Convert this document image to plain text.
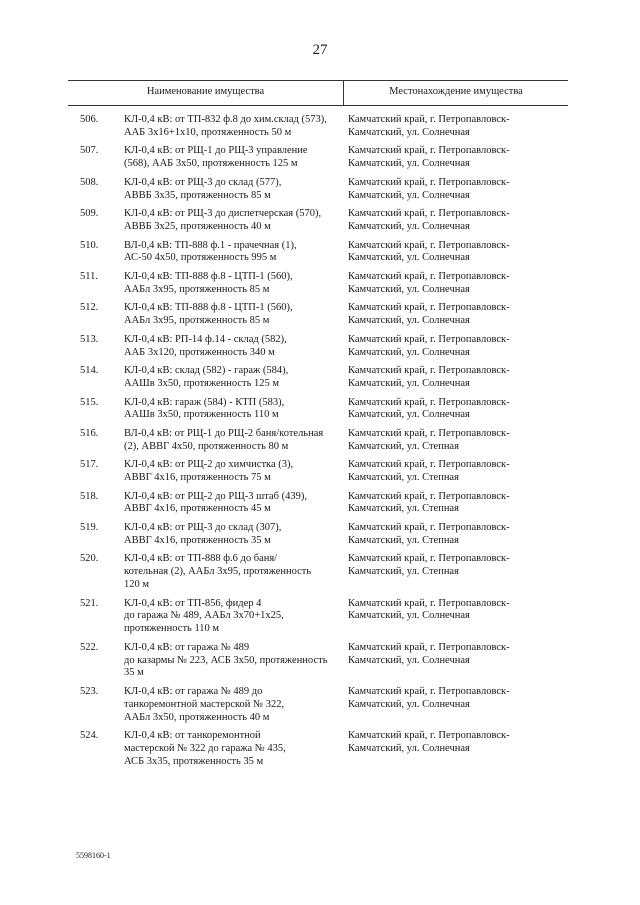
27
Наименование имущества	Местонахождение имущества
506. КЛ-0,4 кВ: от ТП-832 ф.8 до хим.склад (573),
ААБ 3х16+1х10, протяженность 50 м
Камчатский край, г. Петропавловск-
Камчатский, ул. Солнечная
507. КЛ-0,4 кВ: от РЩ-1 до РЩ-3 управление
(568), ААБ 3х50, протяженность 125 м
Камчатский край, г. Петропавловск-
Камчатский, ул. Солнечная
508. КЛ-0,4 кВ: от РЩ-3 до склад (577),
АВВБ 3х35, протяженность 85 м
Камчатский край, г. Петропавловск-
Камчатский, ул. Солнечная
509. КЛ-0,4 кВ: от РЩ-3 до диспетчерская (570),
АВВБ 3х25, протяженность 40 м
Камчатский край, г. Петропавловск-
Камчатский, ул. Солнечная
510. ВЛ-0,4 кВ: ТП-888 ф.1 - прачечная (1),
АС-50 4х50, протяженность 995 м
Камчатский край, г. Петропавловск-
Камчатский, ул. Солнечная
511. КЛ-0,4 кВ: ТП-888 ф.8 - ЦТП-1 (560),
ААБл 3х95, протяженность 85 м
Камчатский край, г. Петропавловск-
Камчатский, ул. Солнечная
512. КЛ-0,4 кВ: ТП-888 ф.8 - ЦТП-1 (560),
ААБл 3х95, протяженность 85 м
Камчатский край, г. Петропавловск-
Камчатский, ул. Солнечная
513. КЛ-0,4 кВ: РП-14 ф.14 - склад (582),
ААБ 3х120, протяженность 340 м
Камчатский край, г. Петропавловск-
Камчатский, ул. Солнечная
514. КЛ-0,4 кВ: склад (582) - гараж (584),
ААШв 3х50, протяженность 125 м
Камчатский край, г. Петропавловск-
Камчатский, ул. Солнечная
515. КЛ-0,4 кВ: гараж (584) - КТП (583),
ААШв 3х50, протяженность 110 м
Камчатский край, г. Петропавловск-
Камчатский, ул. Солнечная
516. ВЛ-0,4 кВ: от РЩ-1 до РЩ-2 баня/котельная
(2), АВВГ 4х50, протяженность 80 м
Камчатский край, г. Петропавловск-
Камчатский, ул. Степная
517. КЛ-0,4 кВ: от РЩ-2 до химчистка (3),
АВВГ 4х16, протяженность 75 м
Камчатский край, г. Петропавловск-
Камчатский, ул. Степная
518. КЛ-0,4 кВ: от РЩ-2 до РЩ-3 штаб (439),
АВВГ 4х16, протяженность 45 м
Камчатский край, г. Петропавловск-
Камчатский, ул. Степная
519. КЛ-0,4 кВ: от РЩ-3 до склад (307),
АВВГ 4х16, протяженность 35 м
Камчатский край, г. Петропавловск-
Камчатский, ул. Степная
520. КЛ-0,4 кВ: от ТП-888 ф.6 до баня/
котельная (2), ААБл 3х95, протяженность
120 м
Камчатский край, г. Петропавловск-
Камчатский, ул. Степная
521. КЛ-0,4 кВ: от ТП-856, фидер 4
до гаража № 489, ААБл 3х70+1х25,
протяженность 110 м
Камчатский край, г. Петропавловск-
Камчатский, ул. Солнечная
522. КЛ-0,4 кВ: от гаража № 489
до казармы № 223, АСБ 3х50, протяженность
35 м
Камчатский край, г. Петропавловск-
Камчатский, ул. Солнечная
523. КЛ-0,4 кВ: от гаража № 489 до
танкоремонтной мастерской № 322,
ААБл 3х50, протяженность 40 м
Камчатский край, г. Петропавловск-
Камчатский, ул. Солнечная
524. КЛ-0,4 кВ: от танкоремонтной
мастерской № 322 до гаража № 435,
АСБ 3х35, протяженность 35 м
Камчатский край, г. Петропавловск-
Камчатский, ул. Солнечная
5598160-1
